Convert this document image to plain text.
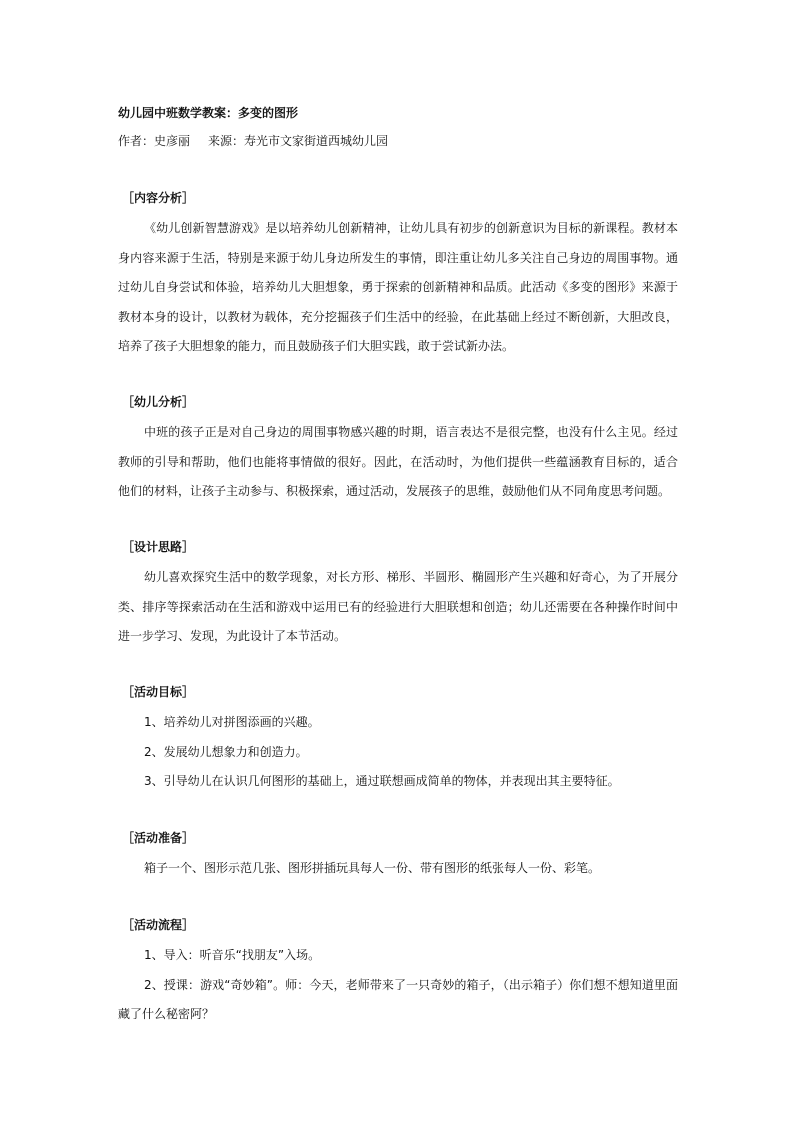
幼儿园中班数学教案：多变的图形
作者：史彦丽 来源：寿光市文家街道西城幼儿园
［内容分析］

《幼儿创新智慧游戏》是以培养幼儿创新精神，让幼儿具有初步的创新意识为目标的新课程。教材本身内容来源于生活，特别是来源于幼儿身边所发生的事情，即注重让幼儿多关注自己身边的周围事物。通过幼儿自身尝试和体验，培养幼儿大胆想象，勇于探索的创新精神和品质。此活动《多变的图形》来源于教材本身的设计，以教材为载体，充分挖掘孩子们生活中的经验，在此基础上经过不断创新，大胆改良，培养了孩子大胆想象的能力，而且鼓励孩子们大胆实践，敢于尝试新办法。

［幼儿分析］

中班的孩子正是对自己身边的周围事物感兴趣的时期，语言表达不是很完整，也没有什么主见。经过教师的引导和帮助，他们也能将事情做的很好。因此，在活动时，为他们提供一些蕴涵教育目标的，适合他们的材料，让孩子主动参与、积极探索，通过活动，发展孩子的思维，鼓励他们从不同角度思考问题。

［设计思路］

幼儿喜欢探究生活中的数学现象，对长方形、梯形、半圆形、椭圆形产生兴趣和好奇心，为了开展分类、排序等探索活动在生活和游戏中运用已有的经验进行大胆联想和创造；幼儿还需要在各种操作时间中进一步学习、发现，为此设计了本节活动。

［活动目标］
1、培养幼儿对拼图添画的兴趣。
2、发展幼儿想象力和创造力。
3、引导幼儿在认识几何图形的基础上，通过联想画成简单的物体，并表现出其主要特征。
［活动准备］

箱子一个、图形示范几张、图形拼插玩具每人一份、带有图形的纸张每人一份、彩笔。

［活动流程］
1、导入：听音乐“找朋友”入场。
2、授课：游戏“奇妙箱”。师：今天，老师带来了一只奇妙的箱子，（出示箱子）你们想不想知道里面藏了什么秘密阿？
